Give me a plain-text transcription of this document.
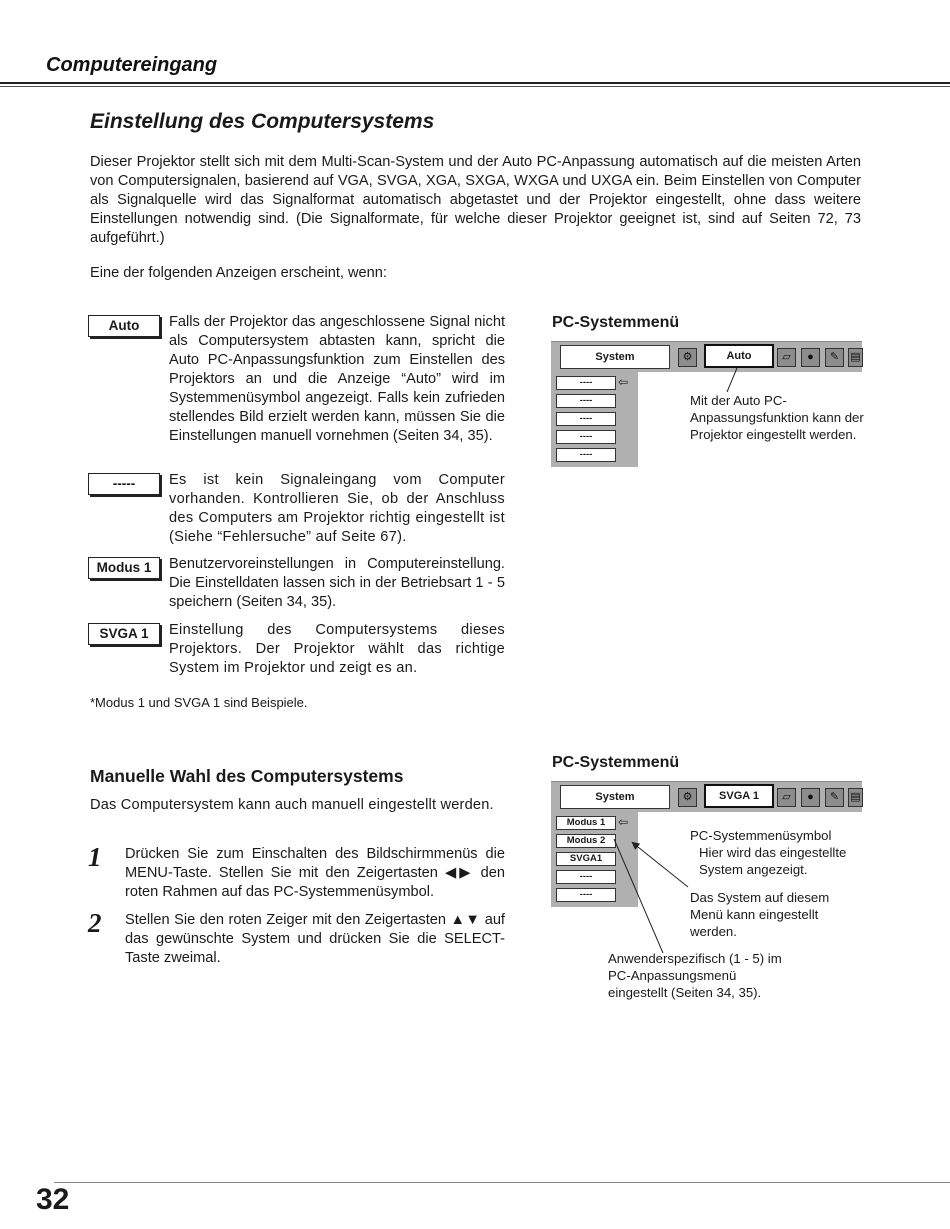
Computereingang
Einstellung des Computersystems
Dieser Projektor stellt sich mit dem Multi-Scan-System und der Auto PC-Anpassung automatisch auf die meisten Arten von Computersignalen, basierend auf VGA, SVGA, XGA, SXGA, WXGA und UXGA ein. Beim Einstellen von Computer als Signalquelle wird das Signalformat automatisch abgetastet und der Projektor eingestellt, ohne dass weitere Einstellungen notwendig sind. (Die Signalformate, für welche dieser Projektor geeignet ist, sind auf Seiten 72, 73 aufgeführt.)
Eine der folgenden Anzeigen erscheint, wenn:
Auto	Falls der Projektor das angeschlossene Signal nicht als Computersystem abtasten kann, spricht die Auto PC-Anpassungsfunktion zum Einstellen des Projektors an und die Anzeige “Auto” wird im Systemmenüsymbol angezeigt. Falls kein zufrieden stellendes Bild erzielt werden kann, müssen Sie die Einstellungen manuell vornehmen (Seiten 34, 35).
-----	Es ist kein Signaleingang vom Computer vorhanden. Kontrollieren Sie, ob der Anschluss des Computers am Projektor richtig eingestellt ist (Siehe “Fehlersuche” auf Seite 67).
Modus 1	Benutzervoreinstellungen in Computereinstellung. Die Einstelldaten lassen sich in der Betriebsart 1 - 5 speichern (Seiten 34, 35).
SVGA 1	Einstellung des Computersystems dieses Projektors. Der Projektor wählt das richtige System im Projektor und zeigt es an.
*Modus 1 und SVGA 1 sind Beispiele.
PC-Systemmenü
System	⚙	Auto	▱	●	✎	▤
----	⇦
----
----
----
----
Mit der Auto PC-Anpassungsfunktion kann der Projektor eingestellt werden.
Manuelle Wahl des Computersystems
Das Computersystem kann auch manuell eingestellt werden.
1 Drücken Sie zum Einschalten des Bildschirmmenüs die MENU-Taste. Stellen Sie mit den Zeigertasten ◀▶ den roten Rahmen auf das PC-Systemmenüsymbol.
2 Stellen Sie den roten Zeiger mit den Zeigertasten ▲▼ auf das gewünschte System und drücken Sie die SELECT-Taste zweimal.
PC-Systemmenü
System	⚙	SVGA 1	▱	●	✎	▤
Modus 1	⇦
Modus 2
SVGA1
----
----
PC-Systemmenüsymbol
Hier wird das eingestellte System angezeigt.
Das System auf diesem Menü kann eingestellt werden.
Anwenderspezifisch (1 - 5) im PC-Anpassungsmenü eingestellt (Seiten 34, 35).
32
